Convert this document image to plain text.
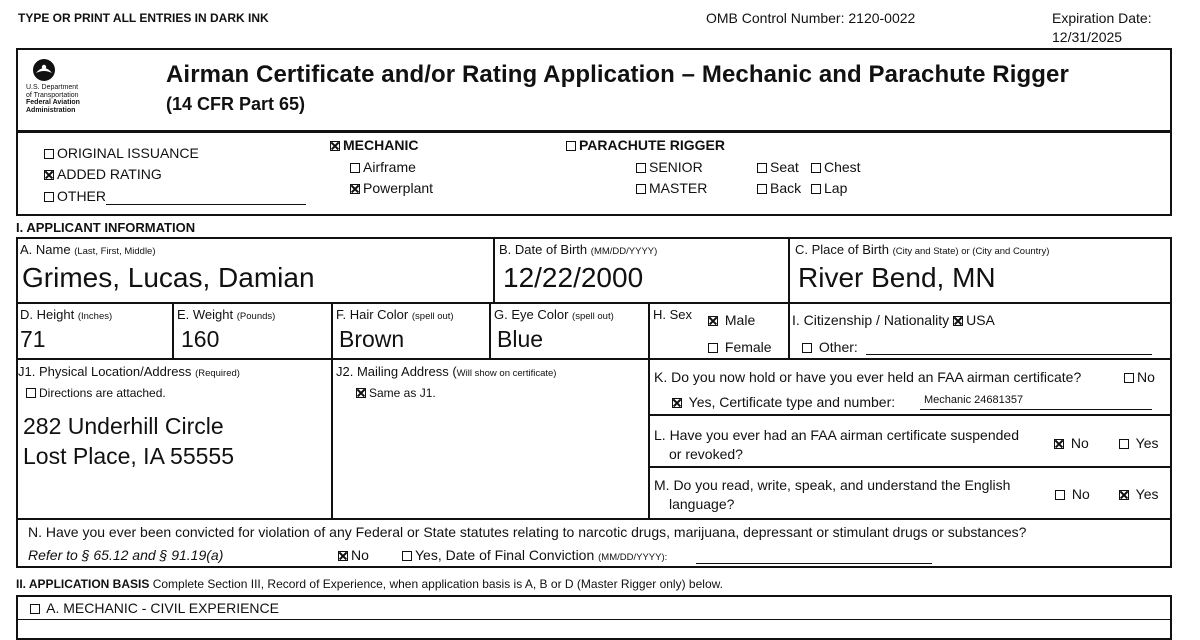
TYPE OR PRINT ALL ENTRIES IN DARK INK	OMB Control Number: 2120-0022	Expiration Date:
12/31/2025
U.S. Department
of Transportation
Federal Aviation
Administration
Airman Certificate and/or Rating Application – Mechanic and Parachute Rigger
(14 CFR Part 65)
ORIGINAL ISSUANCE
ADDED RATING
OTHER
MECHANIC
Airframe
Powerplant
PARACHUTE RIGGER
SENIOR
MASTER
Seat	Chest
Back	Lap
I. APPLICANT INFORMATION
A. Name (Last, First, Middle)
Grimes, Lucas, Damian
B. Date of Birth (MM/DD/YYYY)
12/22/2000
C. Place of Birth (City and State) or (City and Country)
River Bend, MN
D. Height (Inches)
71
E. Weight (Pounds)
160
F. Hair Color (spell out)
Brown
G. Eye Color (spell out)
Blue
H. Sex	Male
Female
I. Citizenship / Nationality USA
Other:
J1. Physical Location/Address (Required)
Directions are attached.
282 Underhill Circle
Lost Place, IA 55555
J2. Mailing Address (Will show on certificate)
Same as J1.
K. Do you now hold or have you ever held an FAA airman certificate?	No
Yes, Certificate type and number:	Mechanic 24681357
L. Have you ever had an FAA airman certificate suspended
or revoked?
No	Yes
M. Do you read, write, speak, and understand the English
language?
No	Yes
N. Have you ever been convicted for violation of any Federal or State statutes relating to narcotic drugs, marijuana, depressant or stimulant drugs or substances?
Refer to § 65.12 and § 91.19(a)	No	Yes, Date of Final Conviction (MM/DD/YYYY):
II. APPLICATION BASIS Complete Section III, Record of Experience, when application basis is A, B or D (Master Rigger only) below.
A. MECHANIC - CIVIL EXPERIENCE
